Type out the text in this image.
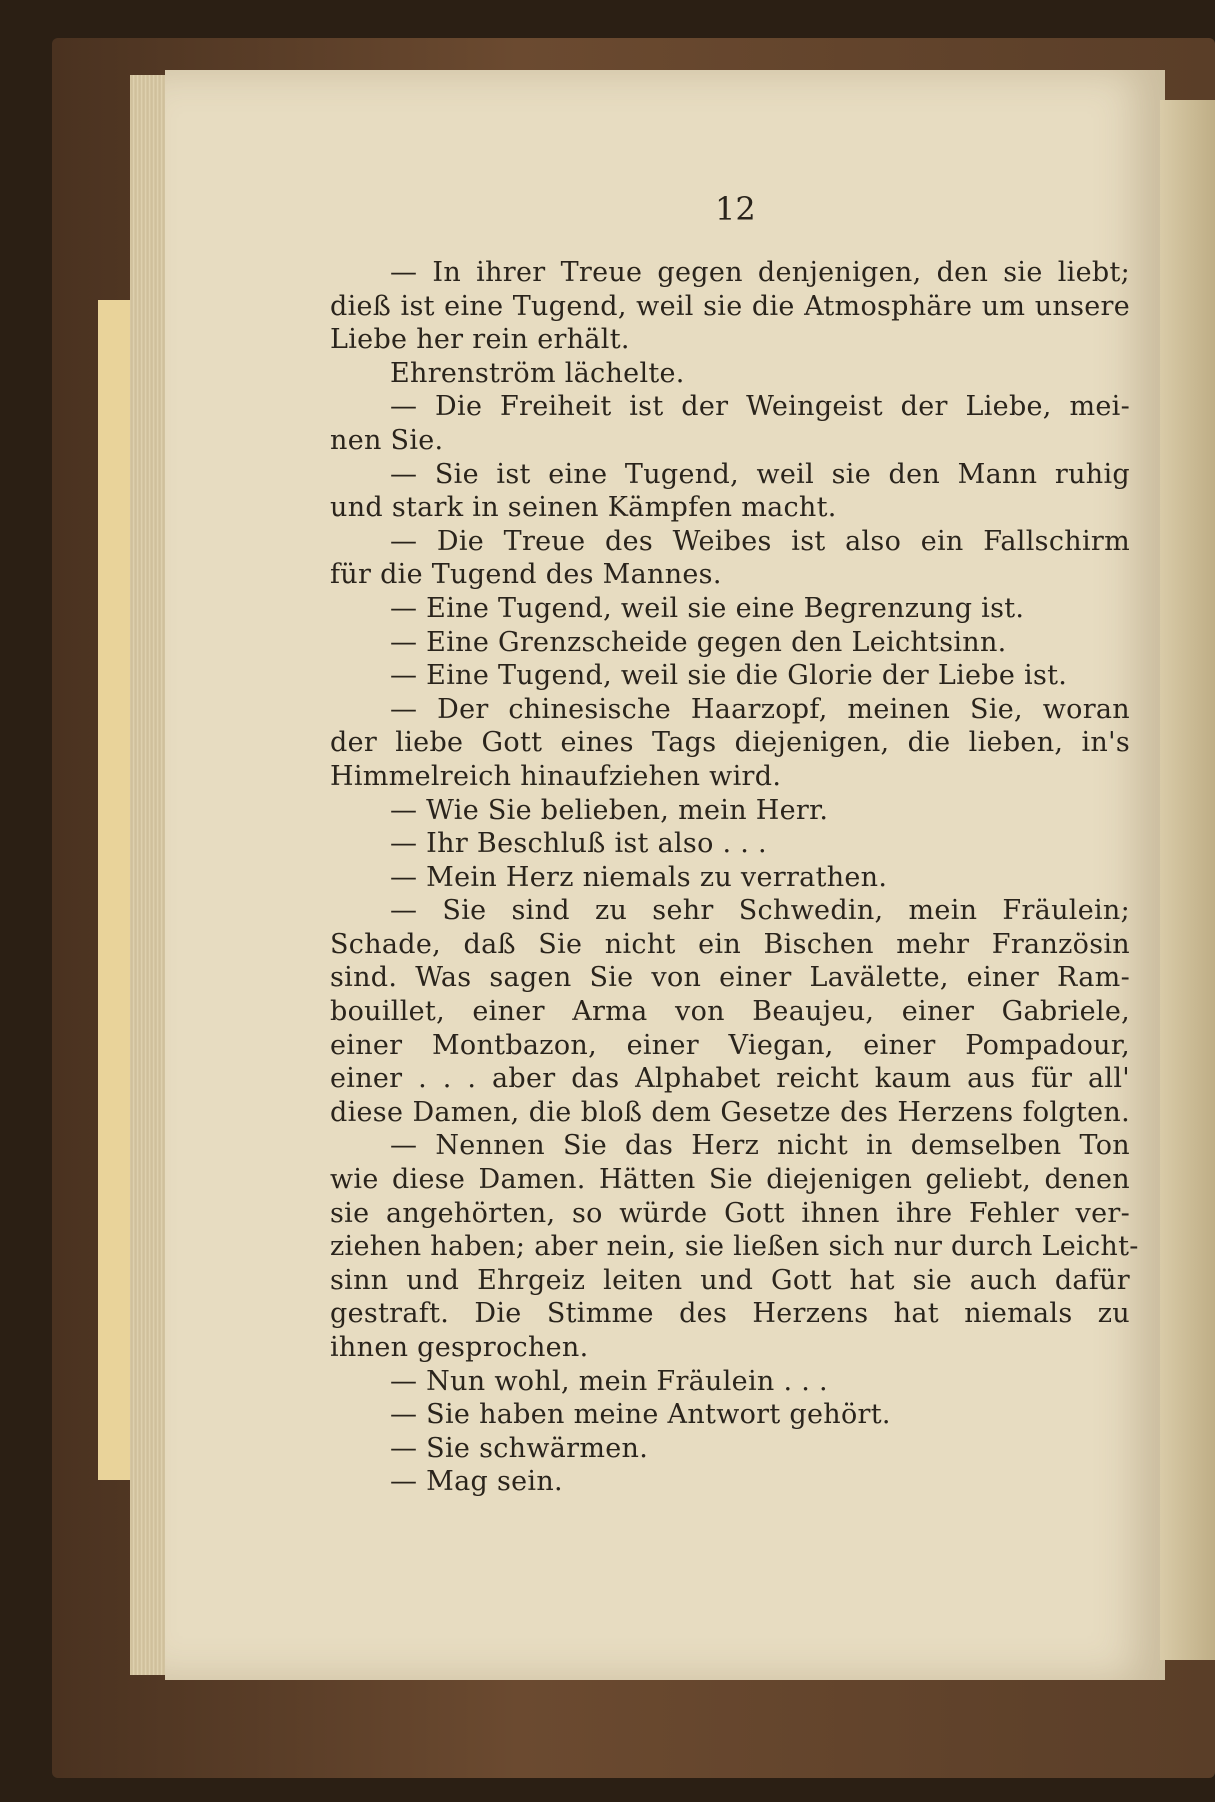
12
— In ihrer Treue gegen denjenigen, den sie liebt;
dieß ist eine Tugend, weil sie die Atmosphäre um unsere
Liebe her rein erhält.
Ehrenström lächelte.
— Die Freiheit ist der Weingeist der Liebe, mei-
nen Sie.
— Sie ist eine Tugend, weil sie den Mann ruhig
und stark in seinen Kämpfen macht.
— Die Treue des Weibes ist also ein Fallschirm
für die Tugend des Mannes.
— Eine Tugend, weil sie eine Begrenzung ist.
— Eine Grenzscheide gegen den Leichtsinn.
— Eine Tugend, weil sie die Glorie der Liebe ist.
— Der chinesische Haarzopf, meinen Sie, woran
der liebe Gott eines Tags diejenigen, die lieben, in's
Himmelreich hinaufziehen wird.
— Wie Sie belieben, mein Herr.
— Ihr Beschluß ist also . . .
— Mein Herz niemals zu verrathen.
— Sie sind zu sehr Schwedin, mein Fräulein;
Schade, daß Sie nicht ein Bischen mehr Französin
sind. Was sagen Sie von einer Lavälette, einer Ram-
bouillet, einer Arma von Beaujeu, einer Gabriele,
einer Montbazon, einer Viegan, einer Pompadour,
einer . . . aber das Alphabet reicht kaum aus für all'
diese Damen, die bloß dem Gesetze des Herzens folgten.
— Nennen Sie das Herz nicht in demselben Ton
wie diese Damen. Hätten Sie diejenigen geliebt, denen
sie angehörten, so würde Gott ihnen ihre Fehler ver-
ziehen haben; aber nein, sie ließen sich nur durch Leicht-
sinn und Ehrgeiz leiten und Gott hat sie auch dafür
gestraft. Die Stimme des Herzens hat niemals zu
ihnen gesprochen.
— Nun wohl, mein Fräulein . . .
— Sie haben meine Antwort gehört.
— Sie schwärmen.
— Mag sein.
